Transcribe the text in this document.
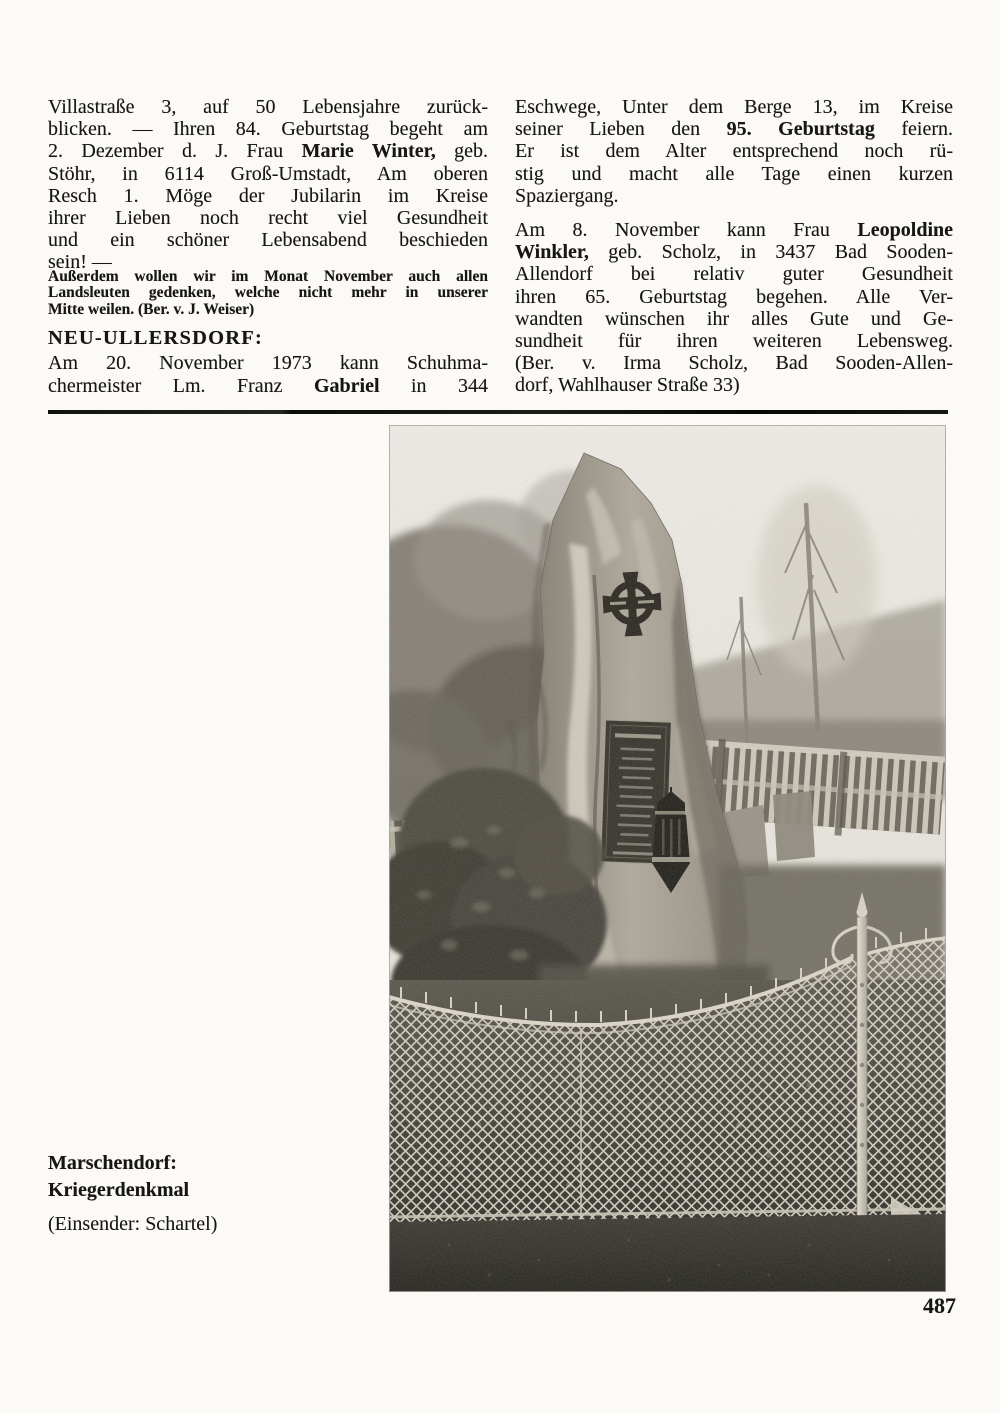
Villastraße 3, auf 50 Lebensjahre zurück-
blicken. — Ihren 84. Geburtstag begeht am
2. Dezember d. J. Frau Marie Winter, geb.
Stöhr, in 6114 Groß-Umstadt, Am oberen
Resch 1. Möge der Jubilarin im Kreise
ihrer Lieben noch recht viel Gesundheit
und ein schöner Lebensabend beschieden
sein! —
Außerdem wollen wir im Monat November auch allen
Landsleuten gedenken, welche nicht mehr in unserer
Mitte weilen. (Ber. v. J. Weiser)
NEU-ULLERSDORF:
Am 20. November 1973 kann Schuhma-
chermeister Lm. Franz Gabriel in 344
Eschwege, Unter dem Berge 13, im Kreise
seiner Lieben den 95. Geburtstag feiern.
Er ist dem Alter entsprechend noch rü-
stig und macht alle Tage einen kurzen
Spaziergang.
Am 8. November kann Frau Leopoldine
Winkler, geb. Scholz, in 3437 Bad Sooden-
Allendorf bei relativ guter Gesundheit
ihren 65. Geburtstag begehen. Alle Ver-
wandten wünschen ihr alles Gute und Ge-
sundheit für ihren weiteren Lebensweg.
(Ber. v. Irma Scholz, Bad Sooden-Allen-
dorf, Wahlhauser Straße 33)
Marschendorf:
Kriegerdenkmal
(Einsender: Schartel)
487
